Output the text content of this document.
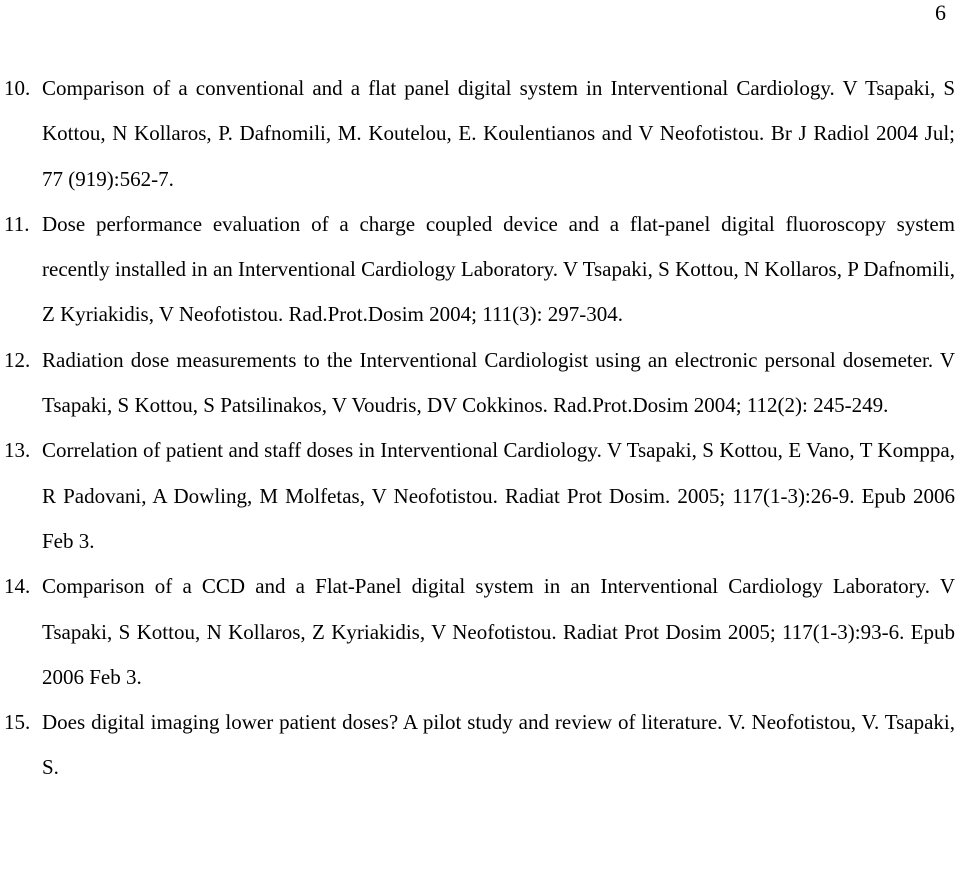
6
10. Comparison of a conventional and a flat panel digital system in Interventional Cardiology. V Tsapaki, S Kottou, N Kollaros, P. Dafnomili, M. Koutelou, E. Koulentianos and V Neofotistou. Br J Radiol 2004 Jul; 77 (919):562-7.
11. Dose performance evaluation of a charge coupled device and a flat-panel digital fluoroscopy system recently installed in an Interventional Cardiology Laboratory. V Tsapaki, S Kottou, N Kollaros, P Dafnomili, Z Kyriakidis, V Neofotistou. Rad.Prot.Dosim 2004; 111(3): 297-304.
12. Radiation dose measurements to the Interventional Cardiologist using an electronic personal dosemeter. V Tsapaki, S Kottou, S Patsilinakos, V Voudris, DV Cokkinos. Rad.Prot.Dosim 2004; 112(2): 245-249.
13. Correlation of patient and staff doses in Interventional Cardiology. V Tsapaki, S Kottou, E Vano, T Komppa, R Padovani, A Dowling, M Molfetas, V Neofotistou. Radiat Prot Dosim. 2005; 117(1-3):26-9. Epub 2006 Feb 3.
14. Comparison of a CCD and a Flat-Panel digital system in an Interventional Cardiology Laboratory. V Tsapaki, S Kottou, N Kollaros, Z Kyriakidis, V Neofotistou. Radiat Prot Dosim 2005; 117(1-3):93-6. Epub 2006 Feb 3.
15. Does digital imaging lower patient doses? A pilot study and review of literature. V. Neofotistou, V. Tsapaki, S.
